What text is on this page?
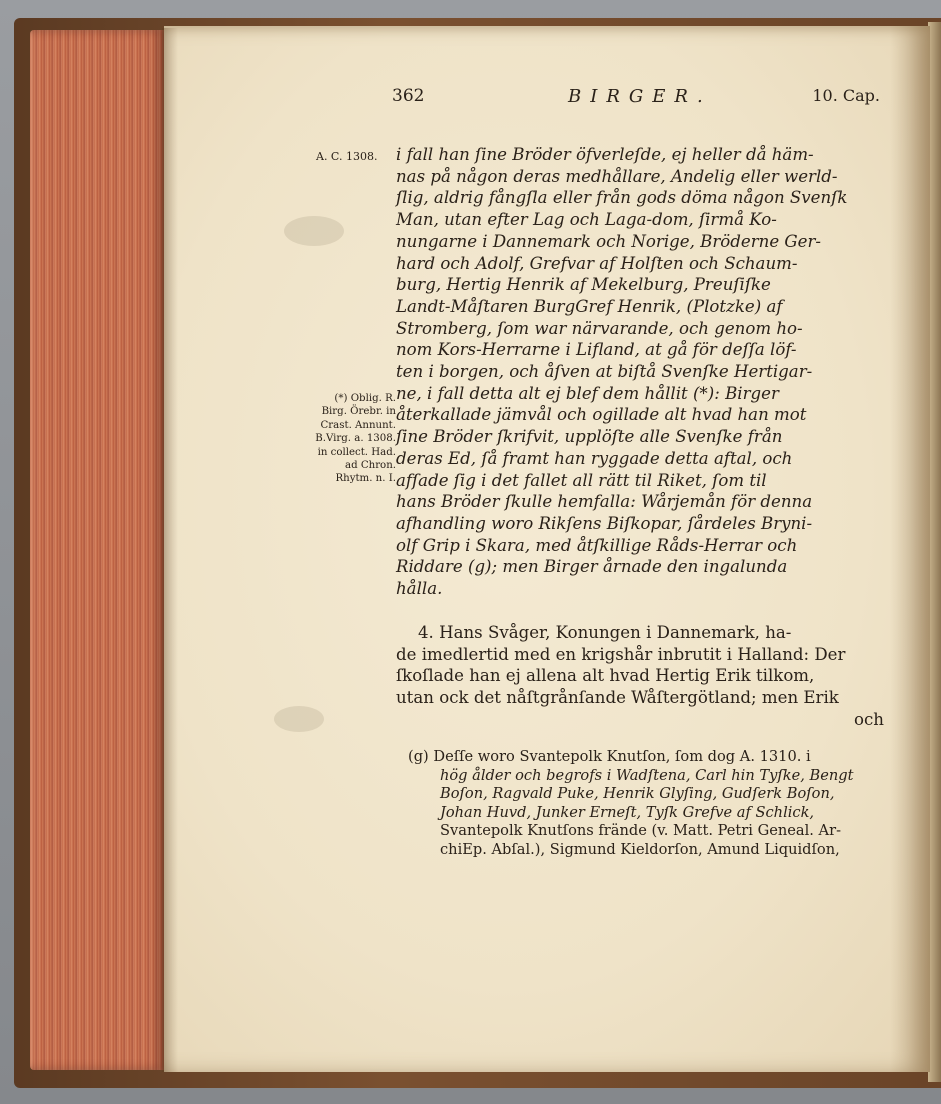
362	BIRGER.	10. Cap.
A. C. 1308.
(*) Oblig. R.
Birg. Örebr. in
Crast. Annunt.
B.Virg. a. 1308.
in collect. Had.
ad Chron.
Rhytm. n. I.
i fall han ſine Bröder öfverleſde, ej heller då häm-
nas på någon deras medhållare, Andelig eller werld-
ſlig, aldrig fångſla eller från gods döma någon Svenſk
Man, utan efter Lag och Laga-dom, ſirmå Ko-
nungarne i Dannemark och Norige, Bröderne Ger-
hard och Adolf, Grefvar af Holſten och Schaum-
burg, Hertig Henrik af Mekelburg, Preuſiſke
Landt-Måſtaren BurgGref Henrik, (Plotzke) af
Stromberg, ſom war närvarande, och genom ho-
nom Kors-Herrarne i Lifland, at gå för deſſa löf-
ten i borgen, och åſven at biſtå Svenſke Hertigar-
ne, i fall detta alt ej blef dem hållit (*): Birger
återkallade jämvål och ogillade alt hvad han mot
ſine Bröder ſkrifvit, upplöſte alle Svenſke från
deras Ed, ſå framt han ryggade detta aftal, och
afſade ſig i det fallet all rätt til Riket, ſom til
hans Bröder ſkulle hemfalla: Wårjemån för denna
afhandling woro Rikſens Biſkopar, ſårdeles Bryni-
olf Grip i Skara, med åtſkillige Råds-Herrar och
Riddare (g); men Birger årnade den ingalunda
hålla.
4. Hans Svåger, Konungen i Dannemark, ha-
de imedlertid med en krigshår inbrutit i Halland: Der
ſkoſlade han ej allena alt hvad Hertig Erik tilkom,
utan ock det nåſtgrånſande Wåſtergötland; men Erik
och
(g) Deſſe woro Svantepolk Knutſon, ſom dog A. 1310. i
hög ålder och begrofs i Wadſtena, Carl hin Tyſke, Bengt
Boſon, Ragvald Puke, Henrik Glyſing, Gudſerk Boſon,
Johan Huvd, Junker Erneſt, Tyſk Grefve af Schlick,
Svantepolk Knutſons frände (v. Matt. Petri Geneal. Ar-
chiEp. Abſal.), Sigmund Kieldorſon, Amund Liquidſon,
